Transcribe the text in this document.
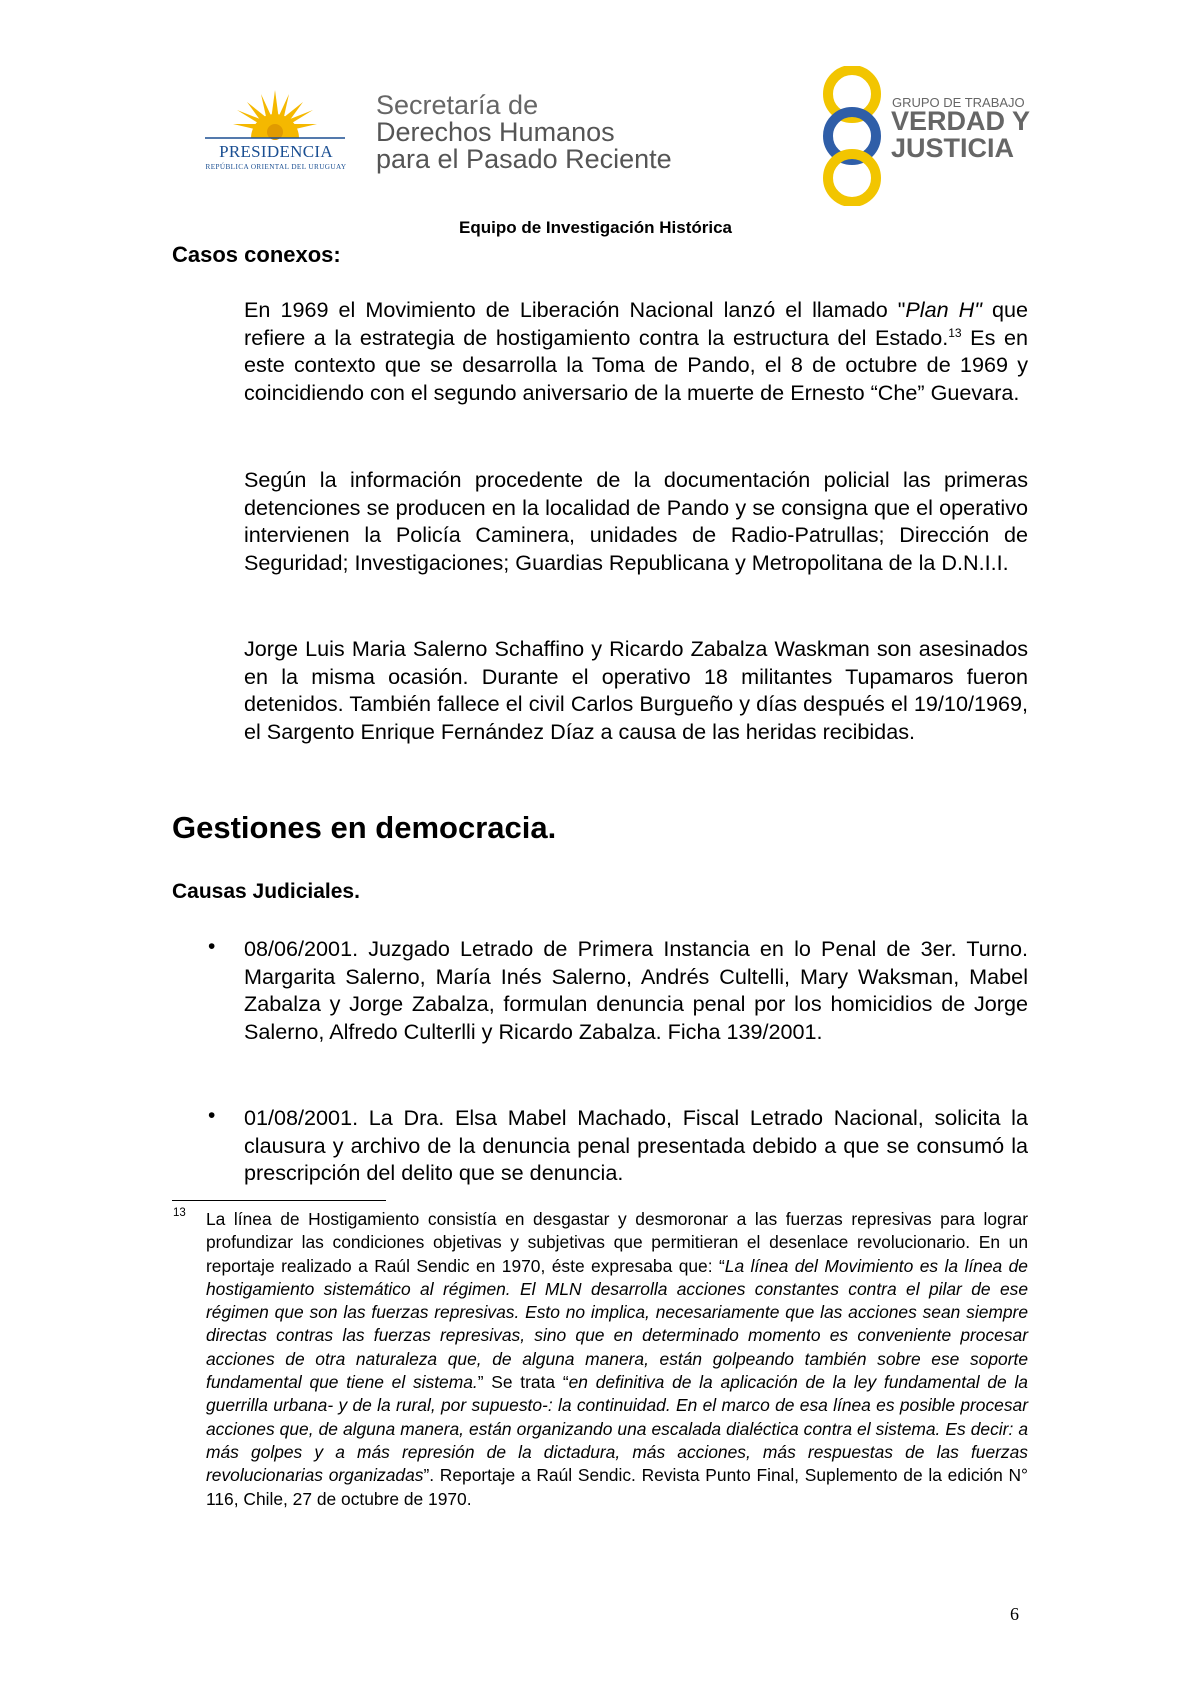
PRESIDENCIA
REPÚBLICA ORIENTAL DEL URUGUAY
Secretaría de
Derechos Humanos
para el Pasado Reciente
GRUPO DE TRABAJO
VERDAD Y
JUSTICIA
Equipo de Investigación Histórica
Casos conexos:
En 1969 el Movimiento de Liberación Nacional lanzó el llamado "Plan H" que refiere a la estrategia de hostigamiento contra la estructura del Estado.$^{13}$ Es en este contexto que se desarrolla la Toma de Pando, el 8 de octubre de 1969 y coincidiendo con el segundo aniversario de la muerte de Ernesto “Che” Guevara.
Según la información procedente de la documentación policial las primeras detenciones se producen en la localidad de Pando y se consigna que el operativo intervienen la Policía Caminera, unidades de Radio-Patrullas; Dirección de Seguridad; Investigaciones; Guardias Republicana y Metropolitana de la D.N.I.I.
Jorge Luis Maria Salerno Schaffino y Ricardo Zabalza Waskman son asesinados en la misma ocasión. Durante el operativo 18 militantes Tupamaros fueron detenidos. También fallece el civil Carlos Burgueño y días después el 19/10/1969, el Sargento Enrique Fernández Díaz a causa de las heridas recibidas.
Gestiones en democracia.
Causas Judiciales.
• 08/06/2001. Juzgado Letrado de Primera Instancia en lo Penal de 3er. Turno. Margarita Salerno, María Inés Salerno, Andrés Cultelli, Mary Waksman, Mabel Zabalza y Jorge Zabalza, formulan denuncia penal por los homicidios de Jorge Salerno, Alfredo Culterlli y Ricardo Zabalza. Ficha 139/2001.
• 01/08/2001. La Dra. Elsa Mabel Machado, Fiscal Letrado Nacional, solicita la clausura y archivo de la denuncia penal presentada debido a que se consumó la prescripción del delito que se denuncia.
13 La línea de Hostigamiento consistía en desgastar y desmoronar a las fuerzas represivas para lograr profundizar las condiciones objetivas y subjetivas que permitieran el desenlace revolucionario. En un reportaje realizado a Raúl Sendic en 1970, éste expresaba que: “La línea del Movimiento es la línea de hostigamiento sistemático al régimen. El MLN desarrolla acciones constantes contra el pilar de ese régimen que son las fuerzas represivas. Esto no implica, necesariamente que las acciones sean siempre directas contras las fuerzas represivas, sino que en determinado momento es conveniente procesar acciones de otra naturaleza que, de alguna manera, están golpeando también sobre ese soporte fundamental que tiene el sistema.” Se trata “en definitiva de la aplicación de la ley fundamental de la guerrilla urbana- y de la rural, por supuesto-: la continuidad. En el marco de esa línea es posible procesar acciones que, de alguna manera, están organizando una escalada dialéctica contra el sistema. Es decir: a más golpes y a más represión de la dictadura, más acciones, más respuestas de las fuerzas revolucionarias organizadas”. Reportaje a Raúl Sendic. Revista Punto Final, Suplemento de la edición N° 116, Chile, 27 de octubre de 1970.
6
